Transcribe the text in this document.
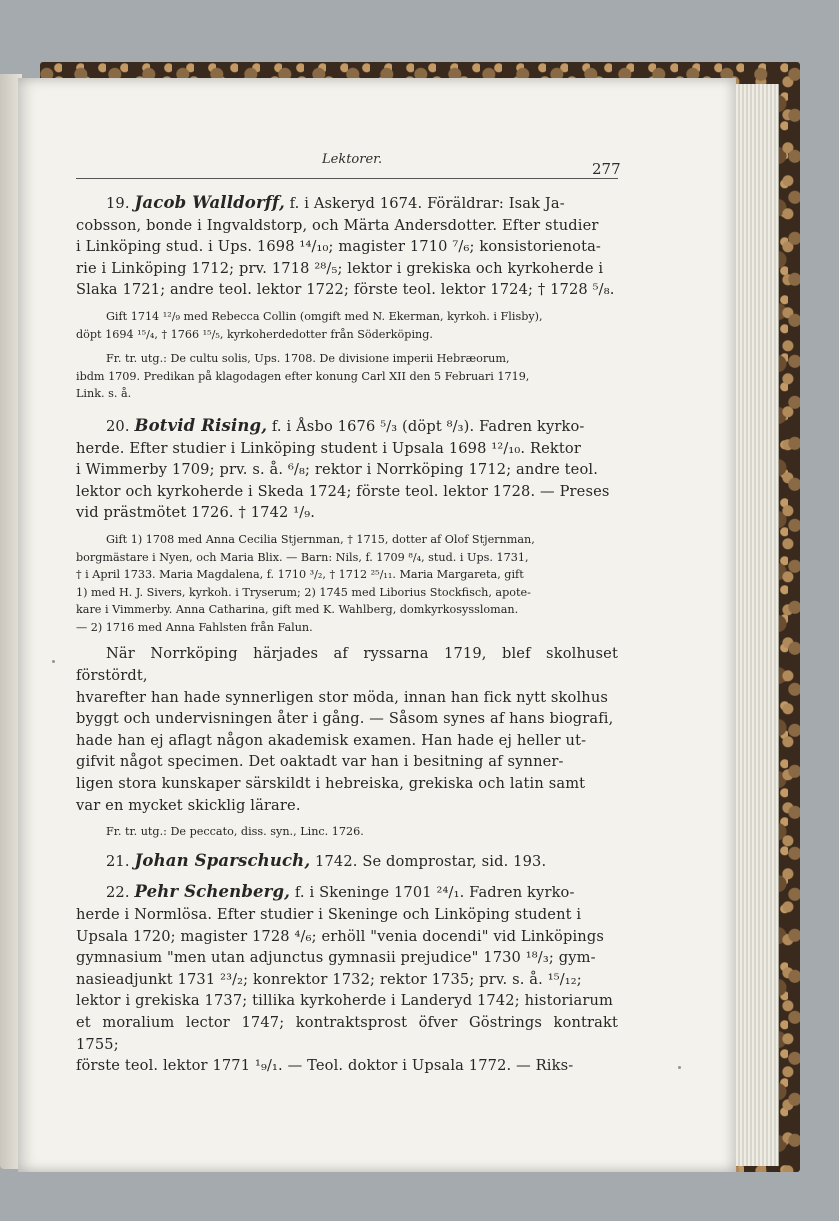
Lektorer.
277

19. Jacob Walldorff, f. i Askeryd 1674. Föräldrar: Isak Ja-

cobsson, bonde i Ingvaldstorp, och Märta Andersdotter. Efter studier

i Linköping stud. i Ups. 1698 ¹⁴/₁₀; magister 1710 ⁷/₆; konsistorienota-

rie i Linköping 1712; prv. 1718 ²⁸/₅; lektor i grekiska och kyrkoherde i

Slaka 1721; andre teol. lektor 1722; förste teol. lektor 1724; † 1728 ⁵/₈.

Gift 1714 ¹²/₉ med Rebecca Collin (omgift med N. Ekerman, kyrkoh. i Flisby),

döpt 1694 ¹⁵/₄, † 1766 ¹⁵/₅, kyrkoherdedotter från Söderköping.

Fr. tr. utg.: De cultu solis, Ups. 1708. De divisione imperii Hebræorum,

ibdm 1709. Predikan på klagodagen efter konung Carl XII den 5 Februari 1719,

Link. s. å.

20. Botvid Rising, f. i Åsbo 1676 ⁵/₃ (döpt ⁸/₃). Fadren kyrko-

herde. Efter studier i Linköping student i Upsala 1698 ¹²/₁₀. Rektor

i Wimmerby 1709; prv. s. å. ⁶/₈; rektor i Norrköping 1712; andre teol.

lektor och kyrkoherde i Skeda 1724; förste teol. lektor 1728. — Preses

vid prästmötet 1726. † 1742 ¹/₉.

Gift 1) 1708 med Anna Cecilia Stjernman, † 1715, dotter af Olof Stjernman,

borgmästare i Nyen, och Maria Blix. — Barn: Nils, f. 1709 ⁸/₄, stud. i Ups. 1731,

† i April 1733. Maria Magdalena, f. 1710 ³/₂, † 1712 ²⁵/₁₁. Maria Margareta, gift

1) med H. J. Sivers, kyrkoh. i Tryserum; 2) 1745 med Liborius Stockfisch, apote-

kare i Vimmerby. Anna Catharina, gift med K. Wahlberg, domkyrkosyssloman.

— 2) 1716 med Anna Fahlsten från Falun.

När Norrköping härjades af ryssarna 1719, blef skolhuset förstördt,

hvarefter han hade synnerligen stor möda, innan han fick nytt skolhus

byggt och undervisningen åter i gång. — Såsom synes af hans biografi,

hade han ej aflagt någon akademisk examen. Han hade ej heller ut-

gifvit något specimen. Det oaktadt var han i besitning af synner-

ligen stora kunskaper särskildt i hebreiska, grekiska och latin samt

var en mycket skicklig lärare.

Fr. tr. utg.: De peccato, diss. syn., Linc. 1726.

21. Johan Sparschuch, 1742. Se domprostar, sid. 193.

22. Pehr Schenberg, f. i Skeninge 1701 ²⁴/₁. Fadren kyrko-

herde i Normlösa. Efter studier i Skeninge och Linköping student i

Upsala 1720; magister 1728 ⁴/₆; erhöll "venia docendi" vid Linköpings

gymnasium "men utan adjunctus gymnasii prejudice" 1730 ¹⁸/₃; gym-

nasieadjunkt 1731 ²³/₂; konrektor 1732; rektor 1735; prv. s. å. ¹⁵/₁₂;

lektor i grekiska 1737; tillika kyrkoherde i Landeryd 1742; historiarum

et moralium lector 1747; kontraktsprost öfver Göstrings kontrakt 1755;

förste teol. lektor 1771 ¹₉/₁. — Teol. doktor i Upsala 1772. — Riks-
